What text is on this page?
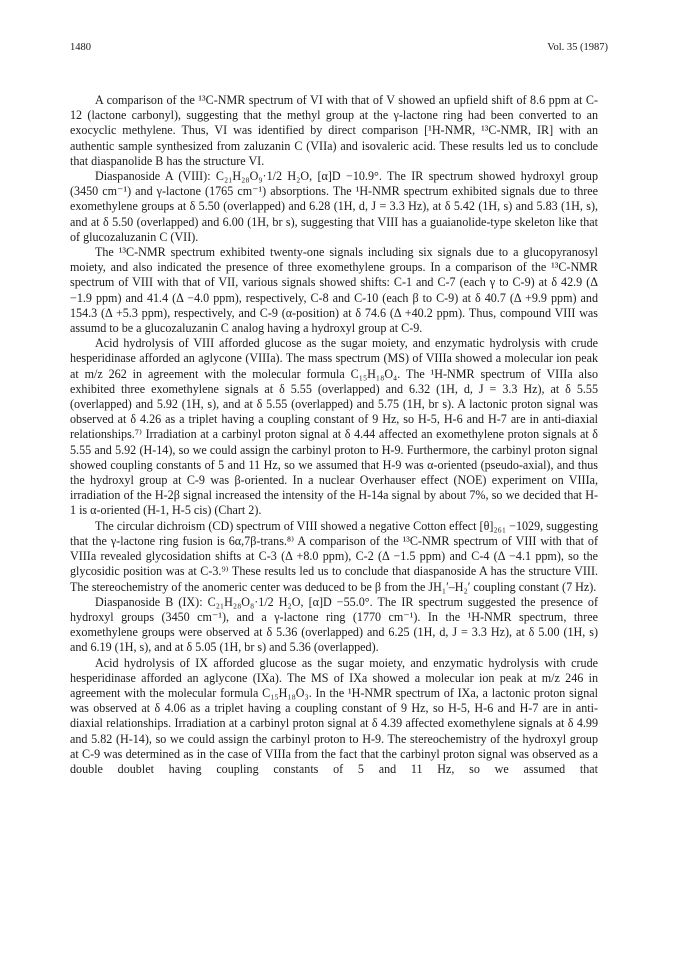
1480	Vol. 35 (1987)

A comparison of the ¹³C-NMR spectrum of VI with that of V showed an upfield shift of 8.6 ppm at C-12 (lactone carbonyl), suggesting that the methyl group at the γ-lactone ring had been converted to an exocyclic methylene. Thus, VI was identified by direct comparison [¹H-NMR, ¹³C-NMR, IR] with an authentic sample synthesized from zaluzanin C (VIIa) and isovaleric acid. These results led us to conclude that diaspanolide B has the structure VI.

Diaspanoside A (VIII): C₂₁H₂₈O₉·1/2 H₂O, [α]D −10.9°. The IR spectrum showed hydroxyl group (3450 cm⁻¹) and γ-lactone (1765 cm⁻¹) absorptions. The ¹H-NMR spectrum exhibited signals due to three exomethylene groups at δ 5.50 (overlapped) and 6.28 (1H, d, J = 3.3 Hz), at δ 5.42 (1H, s) and 5.83 (1H, s), and at δ 5.50 (overlapped) and 6.00 (1H, br s), suggesting that VIII has a guaianolide-type skeleton like that of glucozaluzanin C (VII).

The ¹³C-NMR spectrum exhibited twenty-one signals including six signals due to a glucopyranosyl moiety, and also indicated the presence of three exomethylene groups. In a comparison of the ¹³C-NMR spectrum of VIII with that of VII, various signals showed shifts: C-1 and C-7 (each γ to C-9) at δ 42.9 (Δ −1.9 ppm) and 41.4 (Δ −4.0 ppm), respectively, C-8 and C-10 (each β to C-9) at δ 40.7 (Δ +9.9 ppm) and 154.3 (Δ +5.3 ppm), respectively, and C-9 (α-position) at δ 74.6 (Δ +40.2 ppm). Thus, compound VIII was assumd to be a glucozaluzanin C analog having a hydroxyl group at C-9.

Acid hydrolysis of VIII afforded glucose as the sugar moiety, and enzymatic hydrolysis with crude hesperidinase afforded an aglycone (VIIIa). The mass spectrum (MS) of VIIIa showed a molecular ion peak at m/z 262 in agreement with the molecular formula C₁₅H₁₈O₄. The ¹H-NMR spectrum of VIIIa also exhibited three exomethylene signals at δ 5.55 (overlapped) and 6.32 (1H, d, J = 3.3 Hz), at δ 5.55 (overlapped) and 5.92 (1H, s), and at δ 5.55 (overlapped) and 5.75 (1H, br s). A lactonic proton signal was observed at δ 4.26 as a triplet having a coupling constant of 9 Hz, so H-5, H-6 and H-7 are in anti-diaxial relationships.⁷⁾ Irradiation at a carbinyl proton signal at δ 4.44 affected an exomethylene proton signals at δ 5.55 and 5.92 (H-14), so we could assign the carbinyl proton to H-9. Furthermore, the carbinyl proton signal showed coupling constants of 5 and 11 Hz, so we assumed that H-9 was α-oriented (pseudo-axial), and thus the hydroxyl group at C-9 was β-oriented. In a nuclear Overhauser effect (NOE) experiment on VIIIa, irradiation of the H-2β signal increased the intensity of the H-14a signal by about 7%, so we decided that H-1 is α-oriented (H-1, H-5 cis) (Chart 2).

The circular dichroism (CD) spectrum of VIII showed a negative Cotton effect [θ]₂₆₁ −1029, suggesting that the γ-lactone ring fusion is 6α,7β-trans.⁸⁾ A comparison of the ¹³C-NMR spectrum of VIII with that of VIIIa revealed glycosidation shifts at C-3 (Δ +8.0 ppm), C-2 (Δ −1.5 ppm) and C-4 (Δ −4.1 ppm), so the glycosidic position was at C-3.⁹⁾ These results led us to conclude that diaspanoside A has the structure VIII. The stereochemistry of the anomeric center was deduced to be β from the JH₁′–H₂′ coupling constant (7 Hz).

Diaspanoside B (IX): C₂₁H₂₈O₈·1/2 H₂O, [α]D −55.0°. The IR spectrum suggested the presence of hydroxyl groups (3450 cm⁻¹), and a γ-lactone ring (1770 cm⁻¹). In the ¹H-NMR spectrum, three exomethylene groups were observed at δ 5.36 (overlapped) and 6.25 (1H, d, J = 3.3 Hz), at δ 5.00 (1H, s) and 6.19 (1H, s), and at δ 5.05 (1H, br s) and 5.36 (overlapped).

Acid hydrolysis of IX afforded glucose as the sugar moiety, and enzymatic hydrolysis with crude hesperidinase afforded an aglycone (IXa). The MS of IXa showed a molecular ion peak at m/z 246 in agreement with the molecular formula C₁₅H₁₈O₃. In the ¹H-NMR spectrum of IXa, a lactonic proton signal was observed at δ 4.06 as a triplet having a coupling constant of 9 Hz, so H-5, H-6 and H-7 are in anti-diaxial relationships. Irradiation at a carbinyl proton signal at δ 4.39 affected exomethylene signals at δ 4.99 and 5.82 (H-14), so we could assign the carbinyl proton to H-9. The stereochemistry of the hydroxyl group at C-9 was determined as in the case of VIIIa from the fact that the carbinyl proton signal was observed as a double doublet having coupling constants of 5 and 11 Hz, so we assumed that
